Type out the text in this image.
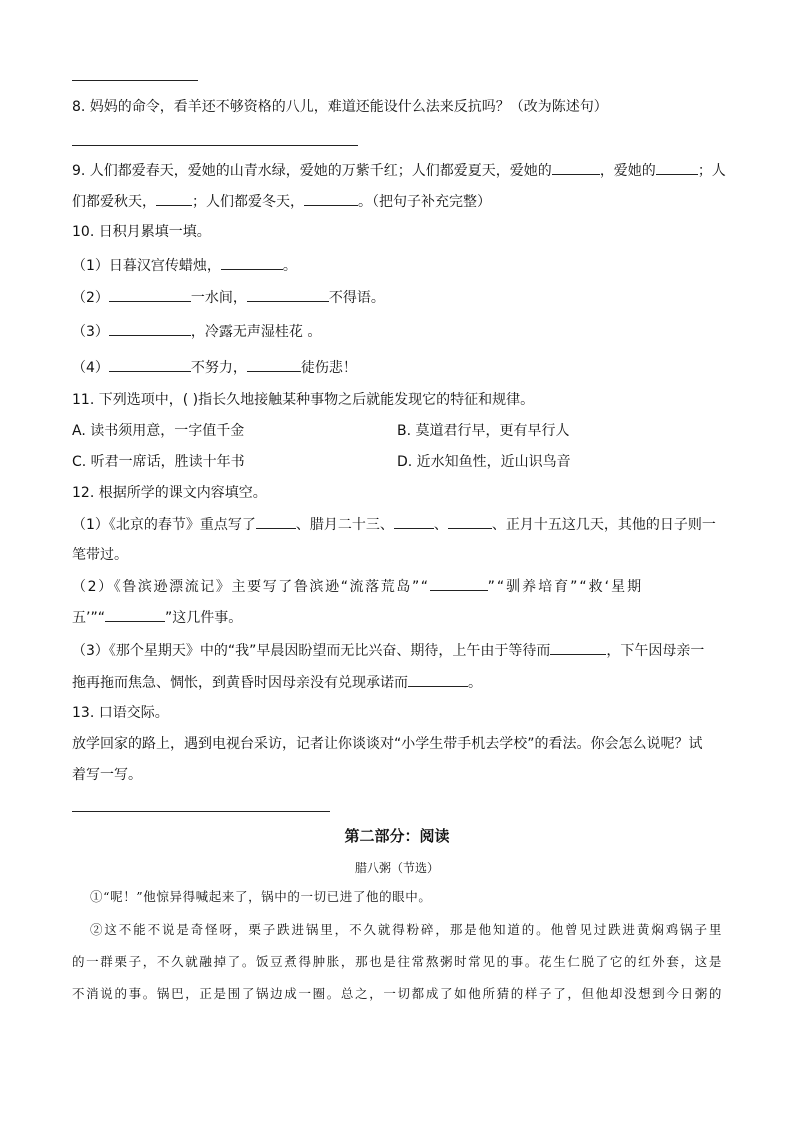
8. 妈妈的命令，看羊还不够资格的八儿，难道还能设什么法来反抗吗？（改为陈述句）
9. 人们都爱春天，爱她的山青水绿，爱她的万紫千红；人们都爱夏天，爱她的	，爱她的	；人
们都爱秋天，	；人们都爱冬天，	。（把句子补充完整）
10. 日积月累填一填。
（1）日暮汉宫传蜡烛，	。
（2）	一水间，	不得语。
（3）	，冷露无声湿桂花 。
（4）	不努力，	徒伤悲！
11. 下列选项中，( )指长久地接触某种事物之后就能发现它的特征和规律。
A. 读书须用意，一字值千金	B. 莫道君行早，更有早行人
C. 听君一席话，胜读十年书	D. 近水知鱼性，近山识鸟音
12. 根据所学的课文内容填空。
（1）《北京的春节》重点写了	、腊月二十三、	、	、正月十五这几天，其他的日子则一
笔带过。
（2）《鲁滨逊漂流记》主要写了鲁滨逊“流落荒岛”“	”“驯养培育”“救‘星期
五’”“	”这几件事。
（3）《那个星期天》中的“我”早晨因盼望而无比兴奋、期待，上午由于等待而	，下午因母亲一
拖再拖而焦急、惆怅，到黄昏时因母亲没有兑现承诺而	。
13. 口语交际。
放学回家的路上，遇到电视台采访，记者让你谈谈对“小学生带手机去学校”的看法。你会怎么说呢？试
着写一写。
第二部分：阅读
腊八粥（节选）
①“呢！”他惊异得喊起来了，锅中的一切已进了他的眼中。
②这不能不说是奇怪呀，栗子跌进锅里，不久就得粉碎，那是他知道的。他曾见过跌进黄焖鸡锅子里
的一群栗子，不久就融掉了。饭豆煮得肿胀，那也是往常熬粥时常见的事。花生仁脱了它的红外套，这是
不消说的事。锅巴，正是围了锅边成一圈。总之，一切都成了如他所猜的样子了，但他却没想到今日粥的
